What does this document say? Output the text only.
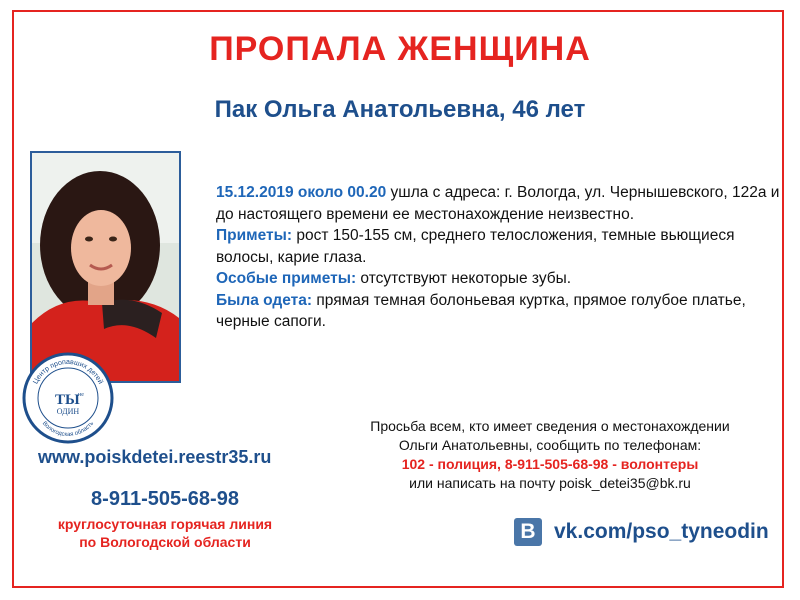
ПРОПАЛА ЖЕНЩИНА
Пак Ольга Анатольевна, 46 лет
Центр пропавших детей
Вологодская область
ТЫ
не
ОДИН

15.12.2019 около 00.20 ушла с адреса: г. Вологда, ул. Чернышевского, 122а и до настоящего времени ее местонахождение неизвестно.

Приметы: рост 150-155 см, среднего телосложения, темные вьющиеся волосы, карие глаза.

Особые приметы: отсутствуют некоторые зубы.

Была одета: прямая темная болоньевая куртка, прямое голубое платье, черные сапоги.

www.poiskdetei.reestr35.ru
8-911-505-68-98
круглосуточная горячая линия
по Вологодской области

Просьба всем, кто имеет сведения о местонахождении

Ольги Анатольевны, сообщить по телефонам:

102 - полиция, 8-911-505-68-98 - волонтеры

или написать на почту poisk_detei35@bk.ru

B vk.com/pso_tyneodin
